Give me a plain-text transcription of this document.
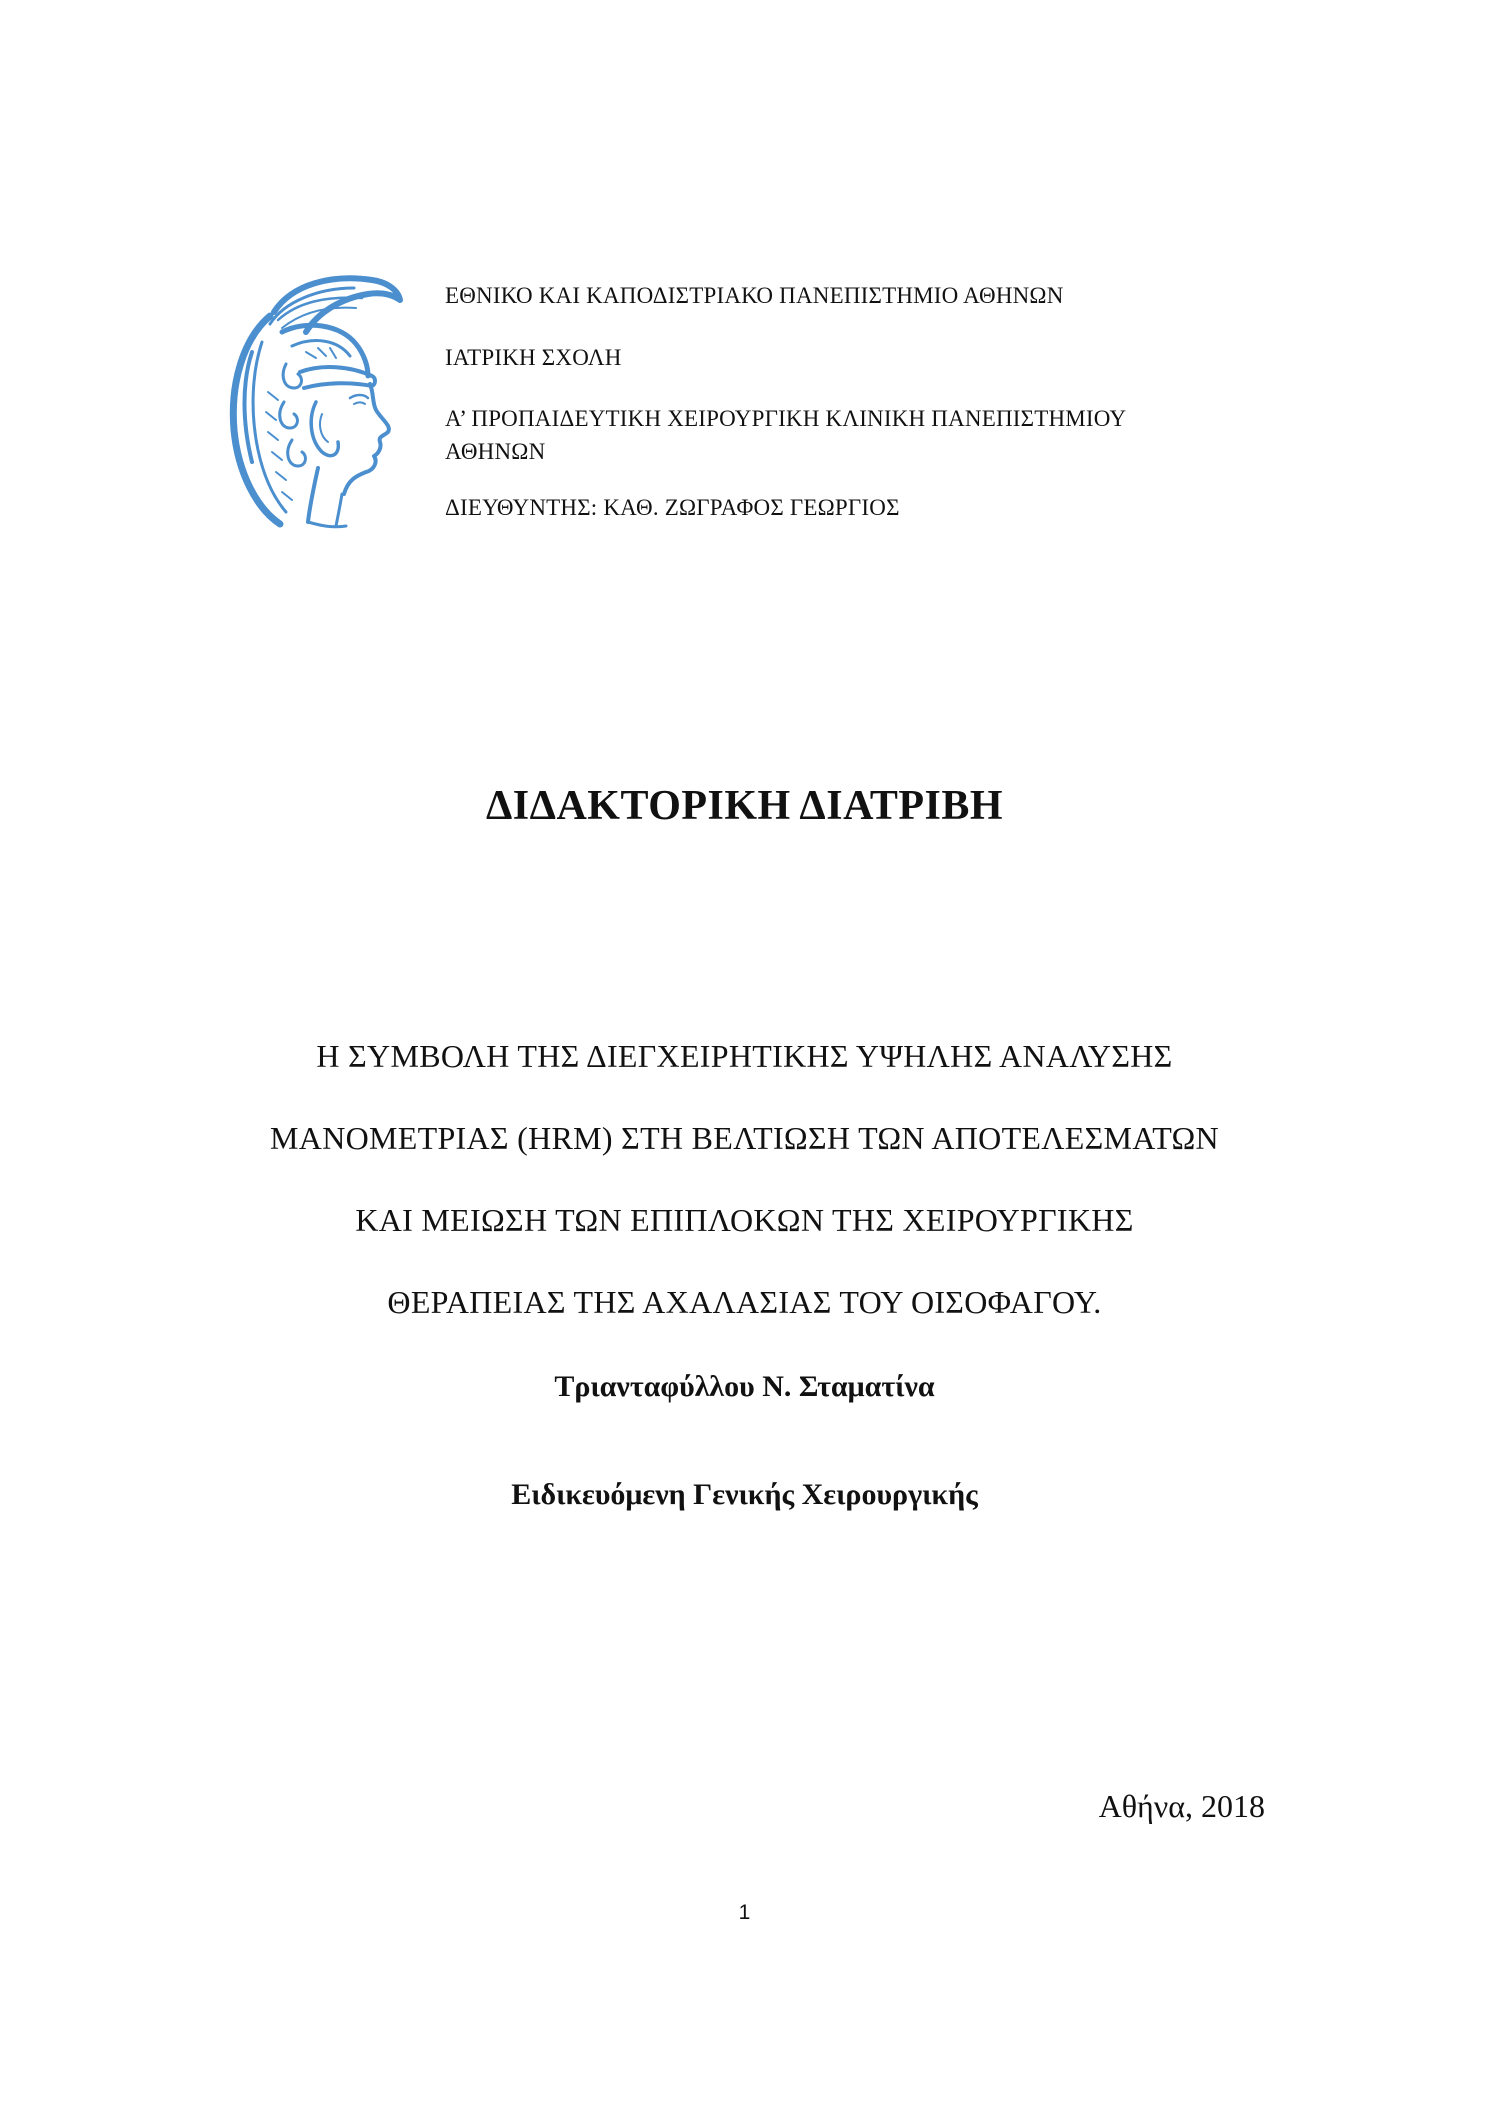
ΕΘΝΙΚΟ ΚΑΙ ΚΑΠΟΔΙΣΤΡΙΑΚΟ ΠΑΝΕΠΙΣΤΗΜΙΟ ΑΘΗΝΩΝ
ΙΑΤΡΙΚΗ ΣΧΟΛΗ
Α’ ΠΡΟΠΑΙΔΕΥΤΙΚΗ ΧΕΙΡΟΥΡΓΙΚΗ ΚΛΙΝΙΚΗ ΠΑΝΕΠΙΣΤΗΜΙΟΥ ΑΘΗΝΩΝ
ΔΙΕΥΘΥΝΤΗΣ: ΚΑΘ. ΖΩΓΡΑΦΟΣ ΓΕΩΡΓΙΟΣ
ΔΙΔΑΚΤΟΡΙΚΗ ΔΙΑΤΡΙΒΗ
Η ΣΥΜΒΟΛΗ ΤΗΣ ΔΙΕΓΧΕΙΡΗΤΙΚΗΣ ΥΨΗΛΗΣ ΑΝΑΛΥΣΗΣ
ΜΑΝΟΜΕΤΡΙΑΣ (HRM) ΣΤΗ ΒΕΛΤΙΩΣΗ ΤΩΝ ΑΠΟΤΕΛΕΣΜΑΤΩΝ
ΚΑΙ ΜΕΙΩΣΗ ΤΩΝ ΕΠΙΠΛΟΚΩΝ ΤΗΣ ΧΕΙΡΟΥΡΓΙΚΗΣ
ΘΕΡΑΠΕΙΑΣ ΤΗΣ ΑΧΑΛΑΣΙΑΣ ΤΟΥ ΟΙΣΟΦΑΓΟΥ.
Τριανταφύλλου Ν. Σταματίνα
Ειδικευόμενη Γενικής Χειρουργικής
Αθήνα, 2018
1
